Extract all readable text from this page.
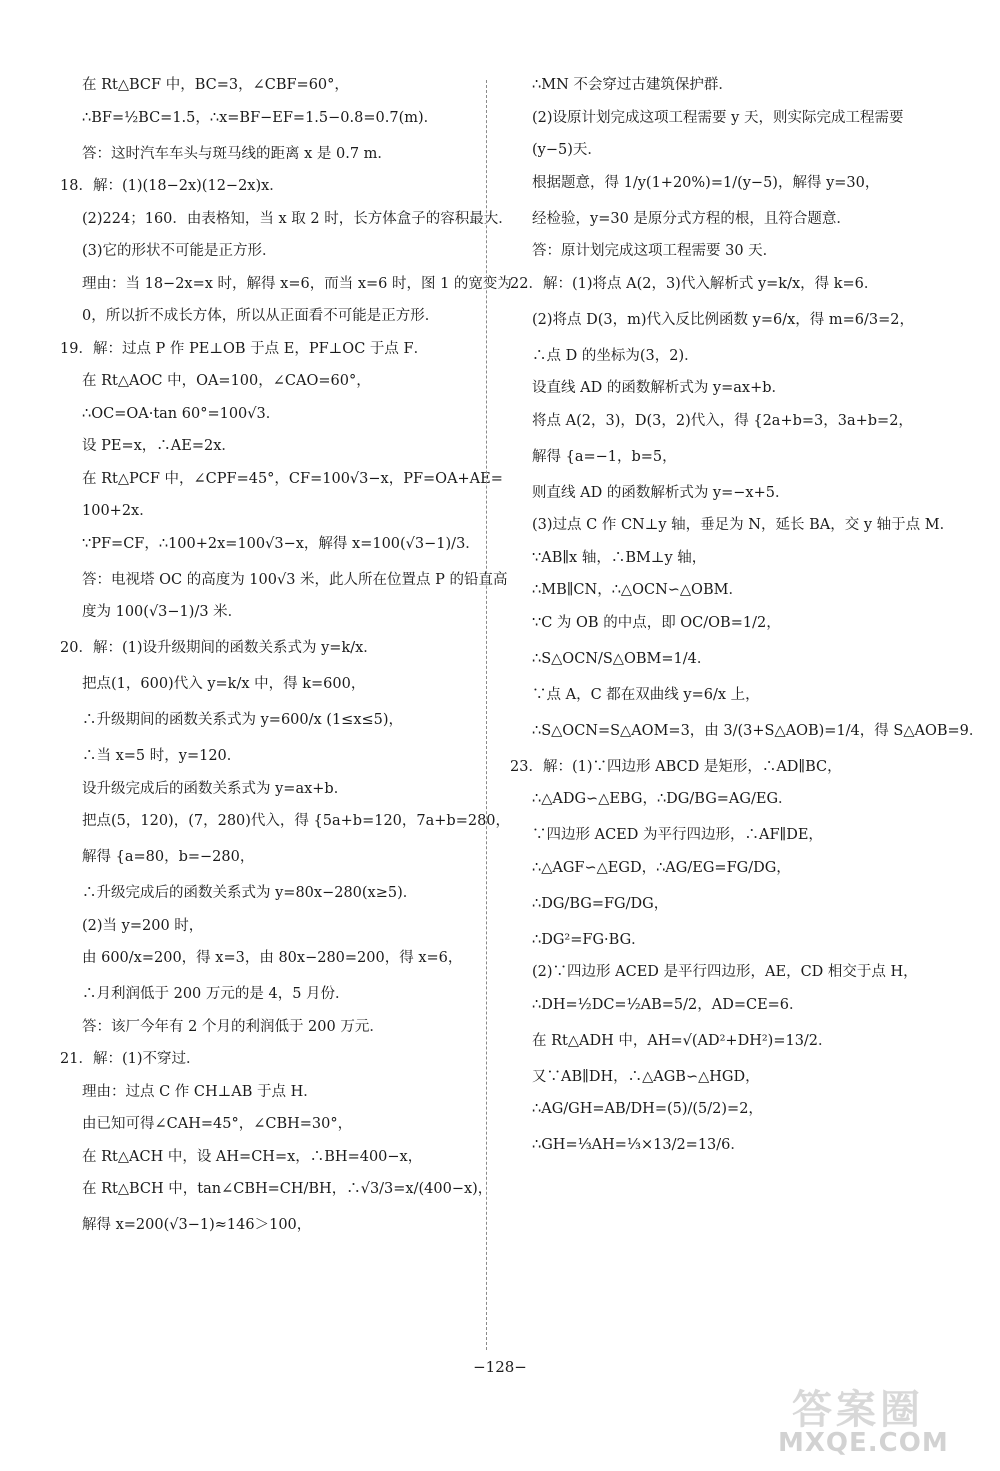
在 Rt△BCF 中，BC=3，∠CBF=60°，
∴BF=½BC=1.5，∴x=BF−EF=1.5−0.8=0.7(m)．
答：这时汽车车头与斑马线的距离 x 是 0.7 m．
18．解：(1)(18−2x)(12−2x)x．
(2)224；160．由表格知，当 x 取 2 时，长方体盒子的容积最大．
(3)它的形状不可能是正方形．
理由：当 18−2x=x 时，解得 x=6，而当 x=6 时，图 1 的宽变为
0，所以折不成长方体，所以从正面看不可能是正方形．
19．解：过点 P 作 PE⊥OB 于点 E，PF⊥OC 于点 F．
在 Rt△AOC 中，OA=100，∠CAO=60°，
∴OC=OA·tan 60°=100√3．
设 PE=x，∴AE=2x．
在 Rt△PCF 中，∠CPF=45°，CF=100√3−x，PF=OA+AE=
100+2x．
∵PF=CF，∴100+2x=100√3−x，解得 x=100(√3−1)/3．
答：电视塔 OC 的高度为 100√3 米，此人所在位置点 P 的铅直高
度为 100(√3−1)/3 米．
20．解：(1)设升级期间的函数关系式为 y=k/x．
把点(1，600)代入 y=k/x 中，得 k=600，
∴升级期间的函数关系式为 y=600/x (1≤x≤5)，
∴当 x=5 时，y=120．
设升级完成后的函数关系式为 y=ax+b．
把点(5，120)，(7，280)代入，得 {5a+b=120，7a+b=280，
解得 {a=80，b=−280，
∴升级完成后的函数关系式为 y=80x−280(x≥5)．
(2)当 y=200 时，
由 600/x=200，得 x=3，由 80x−280=200，得 x=6，
∴月利润低于 200 万元的是 4，5 月份．
答：该厂今年有 2 个月的利润低于 200 万元．
21．解：(1)不穿过．
理由：过点 C 作 CH⊥AB 于点 H．
由已知可得∠CAH=45°，∠CBH=30°，
在 Rt△ACH 中，设 AH=CH=x，∴BH=400−x，
在 Rt△BCH 中，tan∠CBH=CH/BH，∴√3/3=x/(400−x)，
解得 x=200(√3−1)≈146＞100，
∴MN 不会穿过古建筑保护群．
(2)设原计划完成这项工程需要 y 天，则实际完成工程需要
(y−5)天．
根据题意，得 1/y(1+20%)=1/(y−5)，解得 y=30，
经检验，y=30 是原分式方程的根，且符合题意．
答：原计划完成这项工程需要 30 天．
22．解：(1)将点 A(2，3)代入解析式 y=k/x，得 k=6．
(2)将点 D(3，m)代入反比例函数 y=6/x，得 m=6/3=2，
∴点 D 的坐标为(3，2)．
设直线 AD 的函数解析式为 y=ax+b．
将点 A(2，3)，D(3，2)代入，得 {2a+b=3，3a+b=2，
解得 {a=−1，b=5，
则直线 AD 的函数解析式为 y=−x+5．
(3)过点 C 作 CN⊥y 轴，垂足为 N，延长 BA，交 y 轴于点 M．
∵AB∥x 轴，∴BM⊥y 轴，
∴MB∥CN，∴△OCN∽△OBM．
∵C 为 OB 的中点，即 OC/OB=1/2，
∴S△OCN/S△OBM=1/4．
∵点 A，C 都在双曲线 y=6/x 上，
∴S△OCN=S△AOM=3，由 3/(3+S△AOB)=1/4，得 S△AOB=9．
23．解：(1)∵四边形 ABCD 是矩形，∴AD∥BC，
∴△ADG∽△EBG，∴DG/BG=AG/EG．
∵四边形 ACED 为平行四边形，∴AF∥DE，
∴△AGF∽△EGD，∴AG/EG=FG/DG，
∴DG/BG=FG/DG，
∴DG²=FG·BG．
(2)∵四边形 ACED 是平行四边形，AE，CD 相交于点 H，
∴DH=½DC=½AB=5/2，AD=CE=6．
在 Rt△ADH 中，AH=√(AD²+DH²)=13/2．
又∵AB∥DH，∴△AGB∽△HGD，
∴AG/GH=AB/DH=(5)/(5/2)=2，
∴GH=⅓AH=⅓×13/2=13/6．
−128−
答案圈
MXQE.COM
